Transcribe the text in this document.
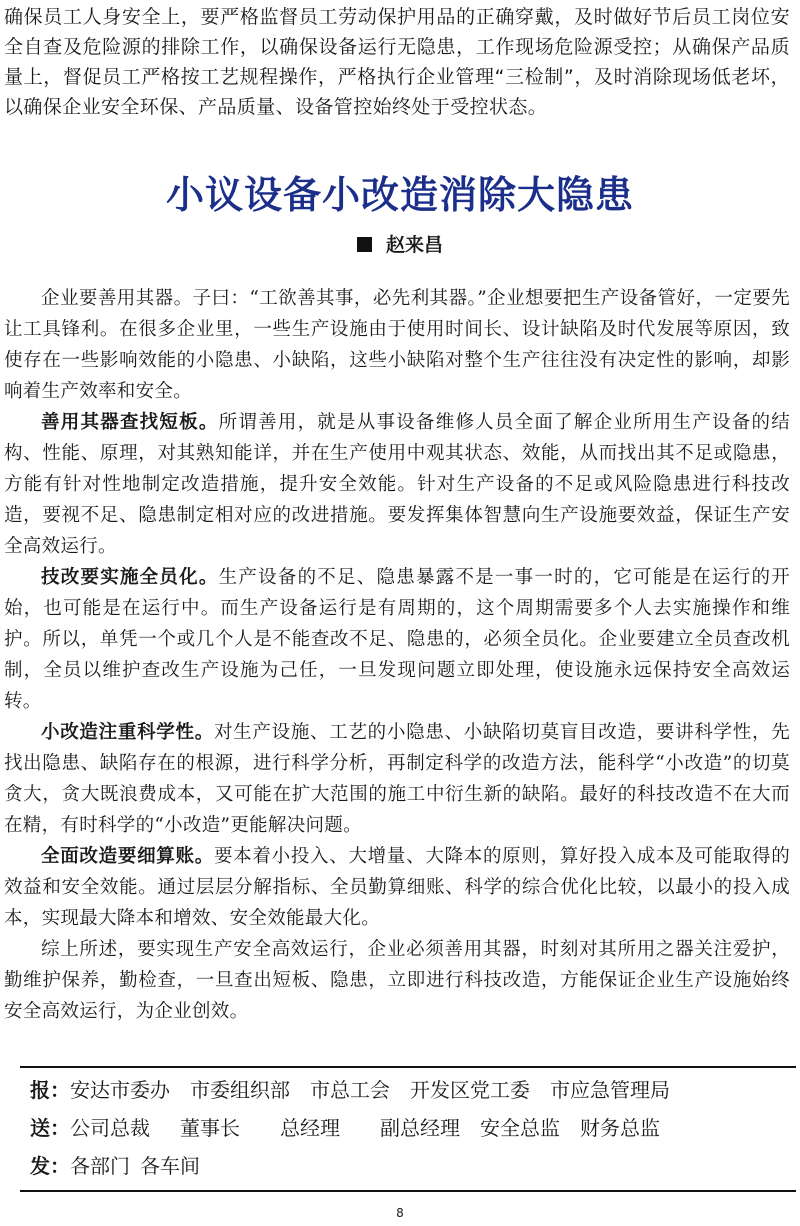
确保员工人身安全上，要严格监督员工劳动保护用品的正确穿戴，及时做好节后员工岗位安全自查及危险源的排除工作，以确保设备运行无隐患，工作现场危险源受控；从确保产品质量上，督促员工严格按工艺规程操作，严格执行企业管理“三检制”，及时消除现场低老坏，以确保企业安全环保、产品质量、设备管控始终处于受控状态。
小议设备小改造消除大隐患
赵来昌

企业要善用其器。子曰：“工欲善其事，必先利其器。”企业想要把生产设备管好，一定要先让工具锋利。在很多企业里，一些生产设施由于使用时间长、设计缺陷及时代发展等原因，致使存在一些影响效能的小隐患、小缺陷，这些小缺陷对整个生产往往没有决定性的影响，却影响着生产效率和安全。

善用其器查找短板。所谓善用，就是从事设备维修人员全面了解企业所用生产设备的结构、性能、原理，对其熟知能详，并在生产使用中观其状态、效能，从而找出其不足或隐患，方能有针对性地制定改造措施，提升安全效能。针对生产设备的不足或风险隐患进行科技改造，要视不足、隐患制定相对应的改进措施。要发挥集体智慧向生产设施要效益，保证生产安全高效运行。

技改要实施全员化。生产设备的不足、隐患暴露不是一事一时的，它可能是在运行的开始，也可能是在运行中。而生产设备运行是有周期的，这个周期需要多个人去实施操作和维护。所以，单凭一个或几个人是不能查改不足、隐患的，必须全员化。企业要建立全员查改机制，全员以维护查改生产设施为己任，一旦发现问题立即处理，使设施永远保持安全高效运转。

小改造注重科学性。对生产设施、工艺的小隐患、小缺陷切莫盲目改造，要讲科学性，先找出隐患、缺陷存在的根源，进行科学分析，再制定科学的改造方法，能科学“小改造”的切莫贪大，贪大既浪费成本，又可能在扩大范围的施工中衍生新的缺陷。最好的科技改造不在大而在精，有时科学的“小改造”更能解决问题。

全面改造要细算账。要本着小投入、大增量、大降本的原则，算好投入成本及可能取得的效益和安全效能。通过层层分解指标、全员勤算细账、科学的综合优化比较，以最小的投入成本，实现最大降本和增效、安全效能最大化。

综上所述，要实现生产安全高效运行，企业必须善用其器，时刻对其所用之器关注爱护，勤维护保养，勤检查，一旦查出短板、隐患，立即进行科技改造，方能保证企业生产设施始终安全高效运行，为企业创效。

报：安达市委办 市委组织部 市总工会 开发区党工委 市应急管理局
送：公司总裁 董事长 总经理 副总经理 安全总监 财务总监
发：各部门 各车间
8
